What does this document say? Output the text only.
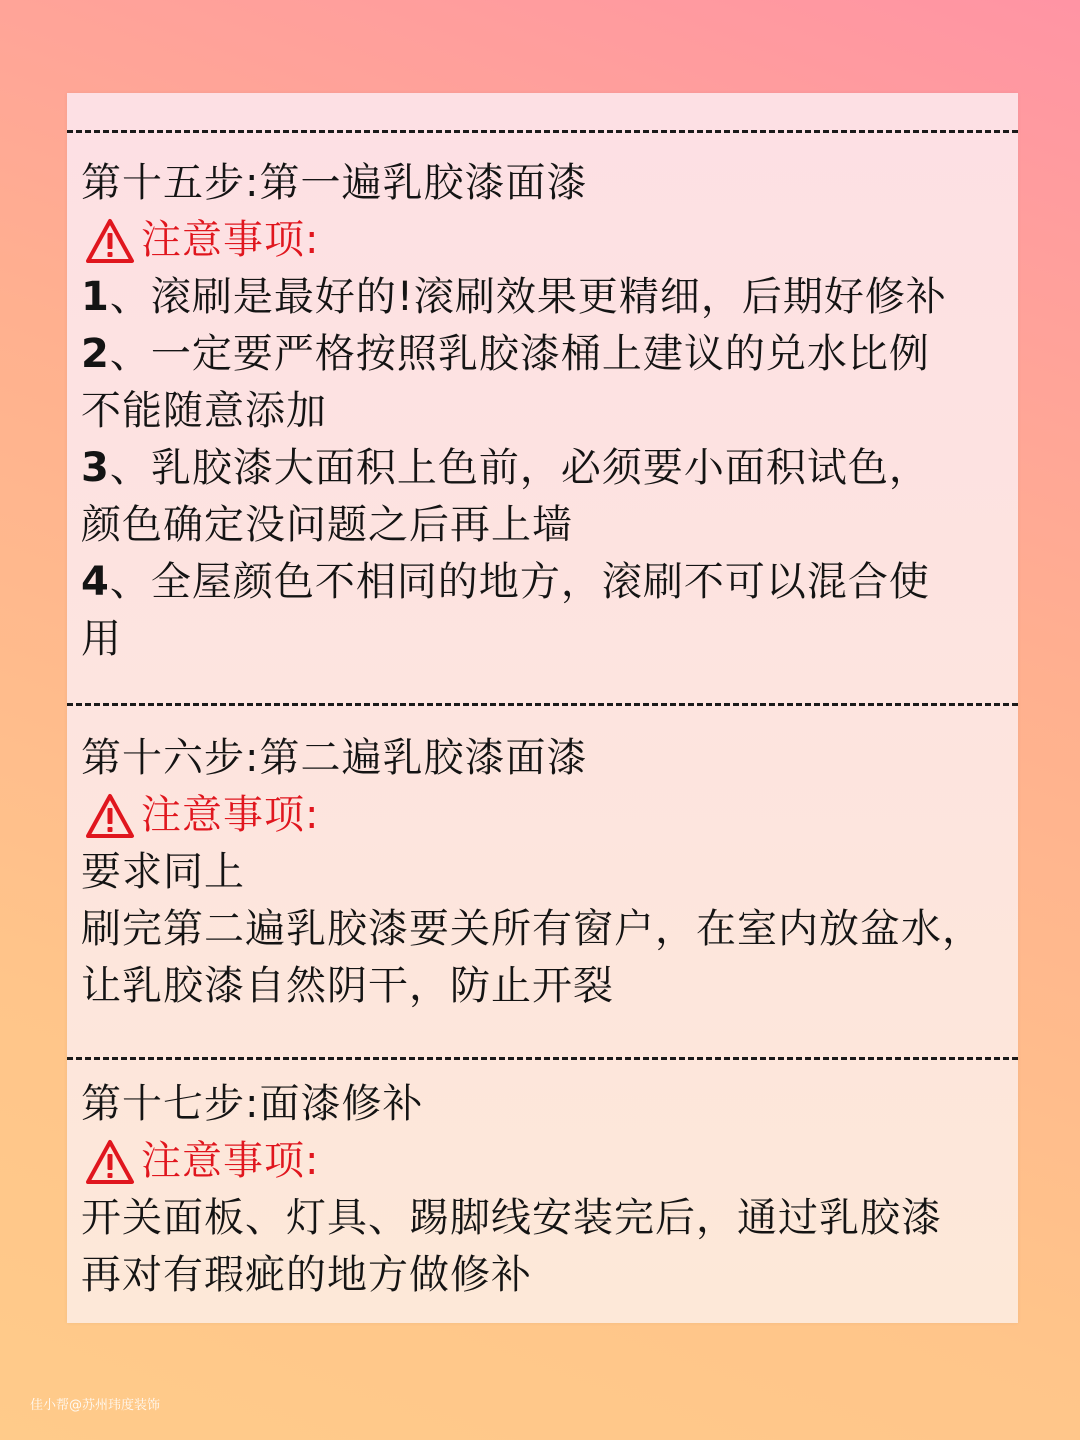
第十五步:第一遍乳胶漆面漆
注意事项:
1、滚刷是最好的!滚刷效果更精细，后期好修补
2、一定要严格按照乳胶漆桶上建议的兑水比例
不能随意添加
3、乳胶漆大面积上色前，必须要小面积试色，
颜色确定没问题之后再上墙
4、全屋颜色不相同的地方，滚刷不可以混合使
用
第十六步:第二遍乳胶漆面漆
注意事项:
要求同上
刷完第二遍乳胶漆要关所有窗户，在室内放盆水，
让乳胶漆自然阴干，防止开裂
第十七步:面漆修补
注意事项:
开关面板、灯具、踢脚线安装完后，通过乳胶漆
再对有瑕疵的地方做修补
佳小帮@苏州玮度装饰
